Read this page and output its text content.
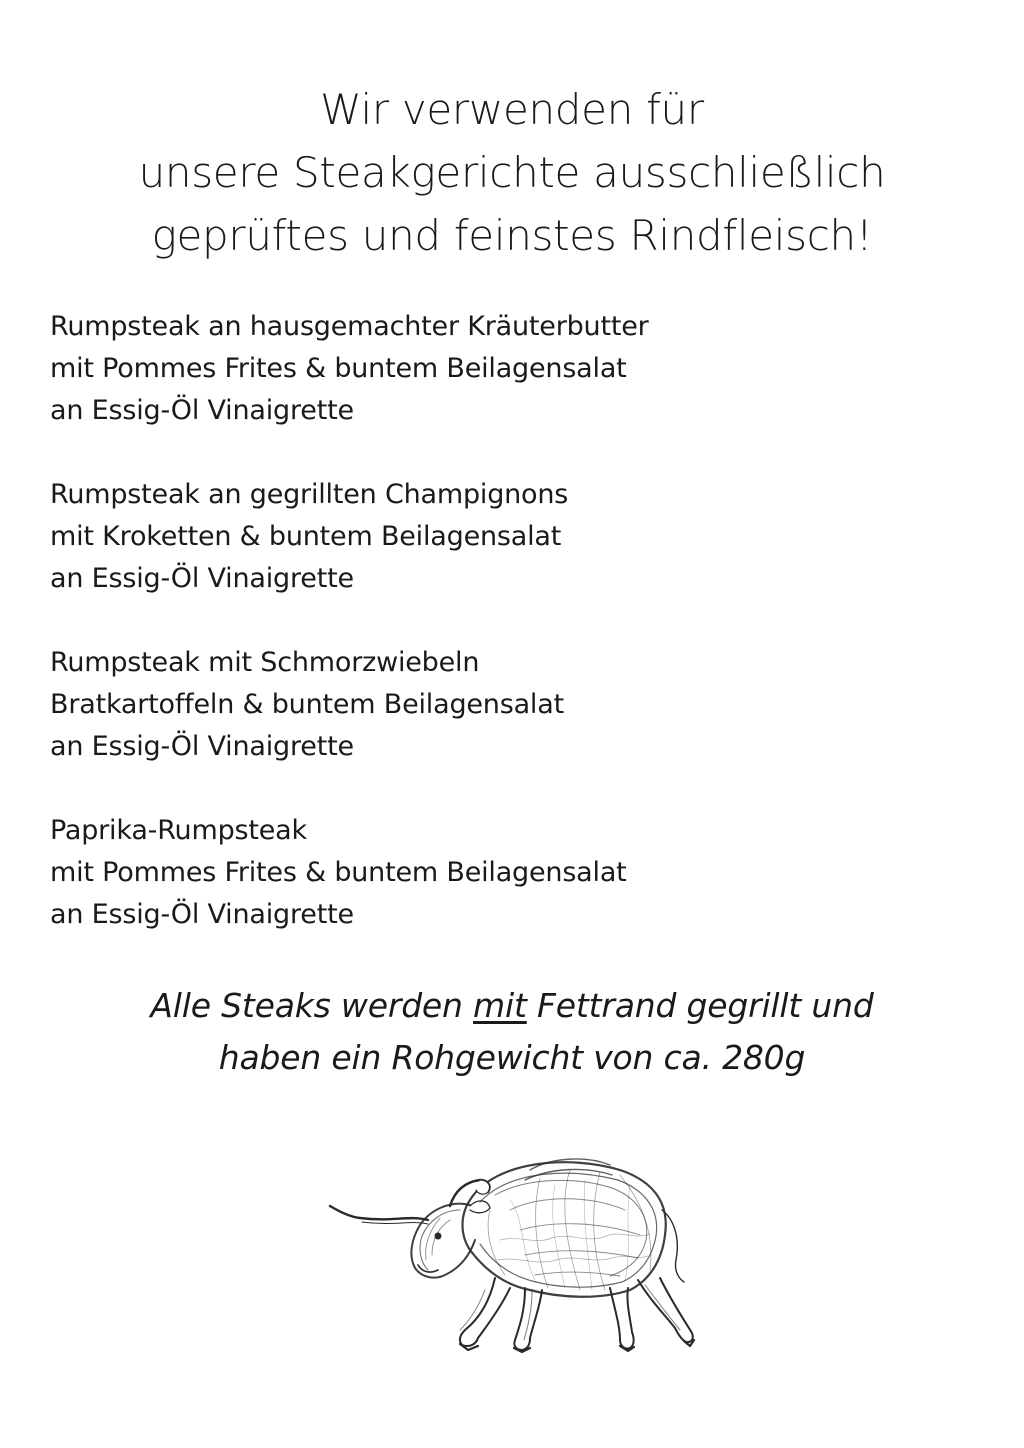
Wir verwenden für
unsere Steakgerichte ausschließlich
geprüftes und feinstes Rindfleisch!
Rumpsteak an hausgemachter Kräuterbutter
mit Pommes Frites & buntem Beilagensalat
an Essig-Öl Vinaigrette
Rumpsteak an gegrillten Champignons
mit Kroketten & buntem Beilagensalat
an Essig-Öl Vinaigrette
Rumpsteak mit Schmorzwiebeln
Bratkartoffeln & buntem Beilagensalat
an Essig-Öl Vinaigrette
Paprika-Rumpsteak
mit Pommes Frites & buntem Beilagensalat
an Essig-Öl Vinaigrette
Alle Steaks werden mit Fettrand gegrillt und
haben ein Rohgewicht von ca. 280g
